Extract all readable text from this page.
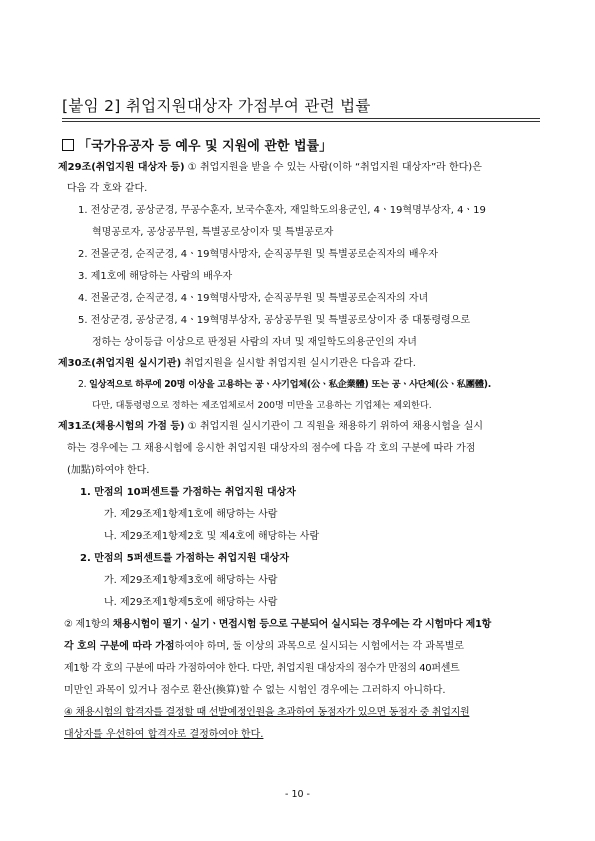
[붙임 2] 취업지원대상자 가점부여 관련 법률
「국가유공자 등 예우 및 지원에 관한 법률」
제29조(취업지원 대상자 등) ① 취업지원을 받을 수 있는 사람(이하 “취업지원 대상자”라 한다)은
다음 각 호와 같다.
1. 전상군경, 공상군경, 무공수훈자, 보국수훈자, 재일학도의용군인, 4ㆍ19혁명부상자, 4ㆍ19
혁명공로자, 공상공무원, 특별공로상이자 및 특별공로자
2. 전몰군경, 순직군경, 4ㆍ19혁명사망자, 순직공무원 및 특별공로순직자의 배우자
3. 제1호에 해당하는 사람의 배우자
4. 전몰군경, 순직군경, 4ㆍ19혁명사망자, 순직공무원 및 특별공로순직자의 자녀
5. 전상군경, 공상군경, 4ㆍ19혁명부상자, 공상공무원 및 특별공로상이자 중 대통령령으로
정하는 상이등급 이상으로 판정된 사람의 자녀 및 재일학도의용군인의 자녀
제30조(취업지원 실시기관) 취업지원을 실시할 취업지원 실시기관은 다음과 같다.
2. 일상적으로 하루에 20명 이상을 고용하는 공ㆍ사기업체(公ㆍ私企業體) 또는 공ㆍ사단체(公ㆍ私團體).
다만, 대통령령으로 정하는 제조업체로서 200명 미만을 고용하는 기업체는 제외한다.
제31조(채용시험의 가점 등) ① 취업지원 실시기관이 그 직원을 채용하기 위하여 채용시험을 실시
하는 경우에는 그 채용시험에 응시한 취업지원 대상자의 점수에 다음 각 호의 구분에 따라 가점
(加點)하여야 한다.
1. 만점의 10퍼센트를 가점하는 취업지원 대상자
가. 제29조제1항제1호에 해당하는 사람
나. 제29조제1항제2호 및 제4호에 해당하는 사람
2. 만점의 5퍼센트를 가점하는 취업지원 대상자
가. 제29조제1항제3호에 해당하는 사람
나. 제29조제1항제5호에 해당하는 사람
② 제1항의 채용시험이 필기ㆍ실기ㆍ면접시험 등으로 구분되어 실시되는 경우에는 각 시험마다 제1항
각 호의 구분에 따라 가점하여야 하며, 둘 이상의 과목으로 실시되는 시험에서는 각 과목별로
제1항 각 호의 구분에 따라 가점하여야 한다. 다만, 취업지원 대상자의 점수가 만점의 40퍼센트
미만인 과목이 있거나 점수로 환산(換算)할 수 없는 시험인 경우에는 그러하지 아니하다.
④ 채용시험의 합격자를 결정할 때 선발예정인원을 초과하여 동점자가 있으면 동점자 중 취업지원
대상자를 우선하여 합격자로 결정하여야 한다.
- 10 -
